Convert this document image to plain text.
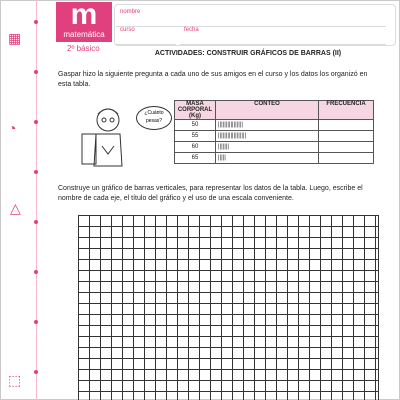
▦
◔
△
⬚
m
matemática
2º básico
nombre
curso	fecha
ACTIVIDADES: CONSTRUIR GRÁFICOS DE BARRAS (II)
Gaspar hizo la siguiente pregunta a cada uno de sus amigos en el curso y los datos los organizó en esta tabla.
¿Cuánto pesas?
MASA CORPORAL (Kg)	CONTEO	FRECUENCIA
50	||||||||||||||||	
55	||||||||||||||||||	
60	|||||||	
65	|||||	
Construye un gráfico de barras verticales, para representar los datos de la tabla. Luego, escribe el nombre de cada eje, el título del gráfico y el uso de una escala conveniente.
